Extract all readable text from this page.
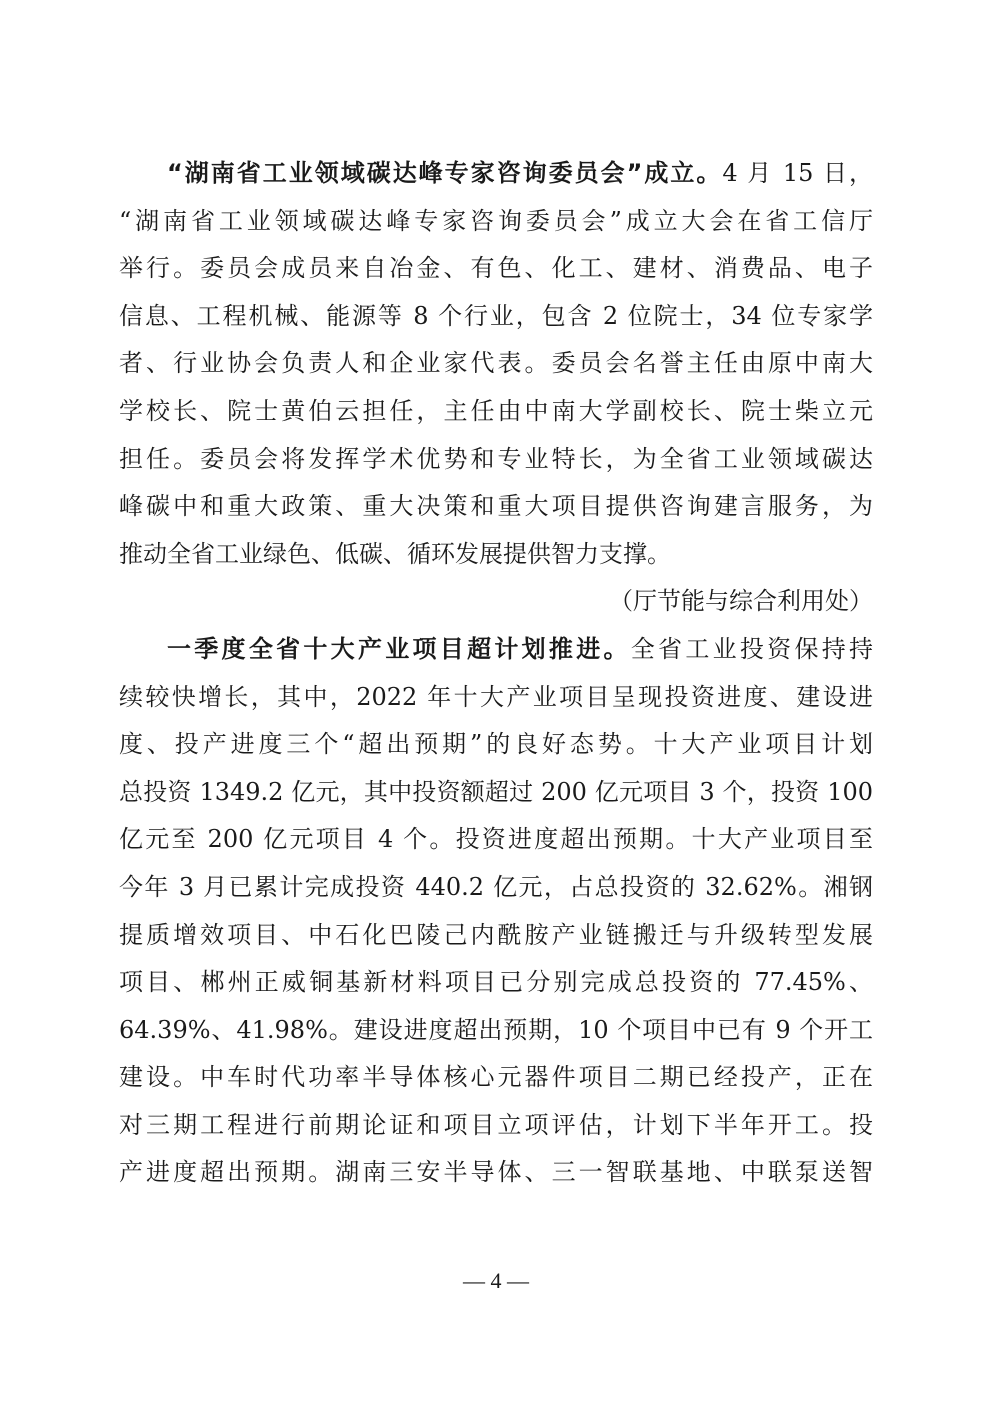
“湖南省工业领域碳达峰专家咨询委员会”成立。4 月 15 日，
“湖南省工业领域碳达峰专家咨询委员会”成立大会在省工信厅
举行。委员会成员来自冶金、有色、化工、建材、消费品、电子
信息、工程机械、能源等 8 个行业，包含 2 位院士，34 位专家学
者、行业协会负责人和企业家代表。委员会名誉主任由原中南大
学校长、院士黄伯云担任，主任由中南大学副校长、院士柴立元
担任。委员会将发挥学术优势和专业特长，为全省工业领域碳达
峰碳中和重大政策、重大决策和重大项目提供咨询建言服务，为
推动全省工业绿色、低碳、循环发展提供智力支撑。
（厅节能与综合利用处）
一季度全省十大产业项目超计划推进。全省工业投资保持持
续较快增长，其中，2022 年十大产业项目呈现投资进度、建设进
度、投产进度三个“超出预期”的良好态势。十大产业项目计划
总投资 1349.2 亿元，其中投资额超过 200 亿元项目 3 个，投资 100
亿元至 200 亿元项目 4 个。投资进度超出预期。十大产业项目至
今年 3 月已累计完成投资 440.2 亿元，占总投资的 32.62%。湘钢
提质增效项目、中石化巴陵己内酰胺产业链搬迁与升级转型发展
项目、郴州正威铜基新材料项目已分别完成总投资的 77.45%、
64.39%、41.98%。建设进度超出预期，10 个项目中已有 9 个开工
建设。中车时代功率半导体核心元器件项目二期已经投产，正在
对三期工程进行前期论证和项目立项评估，计划下半年开工。投
产进度超出预期。湖南三安半导体、三一智联基地、中联泵送智
— 4 —
